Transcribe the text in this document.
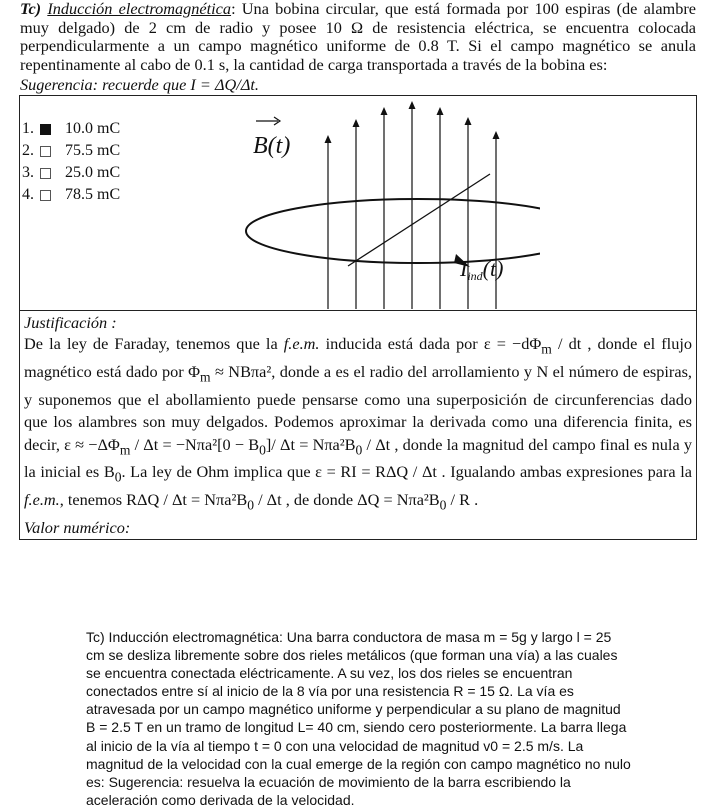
Tc) Inducción electromagnética: Una bobina circular, que está formada por 100 espiras (de alambre muy delgado) de 2 cm de radio y posee 10 Ω de resistencia eléctrica, se encuentra colocada perpendicularmente a un campo magnético uniforme de 0.8 T. Si el campo magnético se anula repentinamente al cabo de 0.1 s, la cantidad de carga transportada a través de la bobina es:
Sugerencia: recuerde que I = ΔQ/Δt.
1.	10.0 mC
2.	75.5 mC
3.	25.0 mC
4.	78.5 mC
B(t)
Iind(t)
Justificación :
De la ley de Faraday, tenemos que la f.e.m. inducida está dada por $\varepsilon = -d\Phi_m$ / dt , donde el flujo magnético está dado por $\Phi_m \approx NB\pi a^2$, donde a es el radio del arrollamiento y N el número de espiras, y suponemos que el abollamiento puede pensarse como una superposición de circunferencias dado que los alambres son muy delgados. Podemos aproximar la derivada como una diferencia finita, es decir, $\varepsilon \approx -\Delta\Phi_m / \Delta t = -N\pi a^2[0 - B_0]/$ $\Delta t = N\pi a^2B_0 / \Delta t$ , donde la magnitud del campo final es nula y la inicial es $B_0$. La ley de Ohm implica que ε = RI = RΔQ / Δt . Igualando ambas expresiones para la f.e.m., tenemos $R\Delta Q / \Delta t = N\pi a^2B_0 / \Delta t$ , de donde $\Delta Q = N\pi a^2B_0 / R$ .
Valor numérico:
Tc) Inducción electromagnética: Una barra conductora de masa m = 5g y largo l = 25 cm se desliza libremente sobre dos rieles metálicos (que forman una vía) a las cuales se encuentra conectada eléctricamente. A su vez, los dos rieles se encuentran conectados entre sí al inicio de la 8 vía por una resistencia R = 15 Ω. La vía es atravesada por un campo magnético uniforme y perpendicular a su plano de magnitud B = 2.5 T en un tramo de longitud L= 40 cm, siendo cero posteriormente. La barra llega al inicio de la vía al tiempo t = 0 con una velocidad de magnitud v0 = 2.5 m/s. La magnitud de la velocidad con la cual emerge de la región con campo magnético no nulo es: Sugerencia: resuelva la ecuación de movimiento de la barra escribiendo la aceleración como derivada de la velocidad.
